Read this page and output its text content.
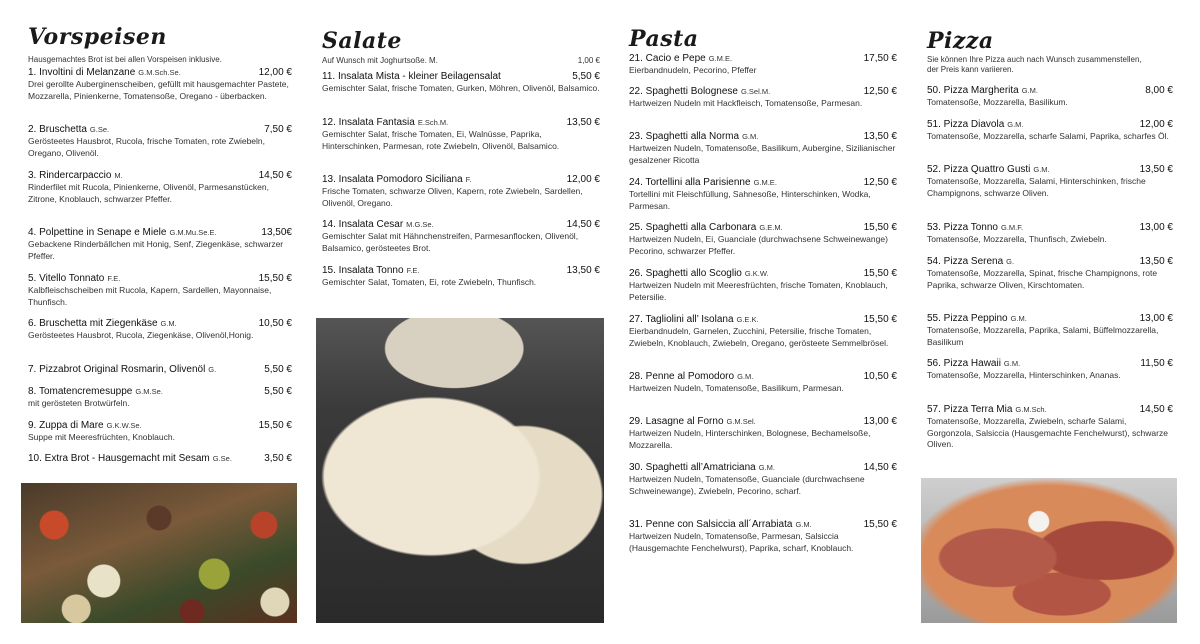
Vorspeisen
Hausgemachtes Brot ist bei allen Vorspeisen inklusive.
1. Involtini di Melanzane G.M.Sch.Se.	12,00 €
Drei gerollte Auberginenscheiben, gefüllt mit hausgemachter Pastete, Mozzarella, Pinienkerne, Tomatensoße, Oregano - überbacken.
2. Bruschetta G.Se.	7,50 €
Gerösteetes Hausbrot, Rucola, frische Tomaten, rote Zwiebeln, Oregano, Olivenöl.
3. Rindercarpaccio M.	14,50 €
Rinderfilet mit Rucola, Pinienkerne, Olivenöl, Parmesanstücken, Zitrone, Knoblauch, schwarzer Pfeffer.
4. Polpettine in Senape e Miele G.M.Mu.Se.E.	13,50€
Gebackene Rinderbällchen mit Honig, Senf, Ziegenkäse, schwarzer Pfeffer.
5. Vitello Tonnato F.E.	15,50 €
Kalbfleischscheiben mit Rucola, Kapern, Sardellen, Mayonnaise, Thunfisch.
6. Bruschetta mit Ziegenkäse G.M.	10,50 €
Gerösteetes Hausbrot, Rucola, Ziegenkäse, Olivenöl,Honig.
7. Pizzabrot Original Rosmarin, Olivenöl G.	5,50 €
8. Tomatencremesuppe G.M.Se.	5,50 €
mit gerösteten Brotwürfeln.
9. Zuppa di Mare G.K.W.Se.	15,50 €
Suppe mit Meeresfrüchten, Knoblauch.
10. Extra Brot - Hausgemacht mit Sesam G.Se.	3,50 €
Salate
Auf Wunsch mit Joghurtsoße. M.	1,00 €
11. Insalata Mista - kleiner Beilagensalat	5,50 €
Gemischter Salat, frische Tomaten, Gurken, Möhren, Olivenöl, Balsamico.
12. Insalata Fantasia E.Sch.M.	13,50 €
Gemischter Salat, frische Tomaten, Ei, Walnüsse, Paprika, Hinterschinken, Parmesan, rote Zwiebeln, Olivenöl, Balsamico.
13. Insalata Pomodoro Siciliana F.	12,00 €
Frische Tomaten, schwarze Oliven, Kapern, rote Zwiebeln, Sardellen, Olivenöl, Oregano.
14. Insalata Cesar M.G.Se.	14,50 €
Gemischter Salat mit Hähnchenstreifen, Parmesanflocken, Olivenöl, Balsamico, gerösteetes Brot.
15. Insalata Tonno F.E.	13,50 €
Gemischter Salat, Tomaten, Ei, rote Zwiebeln, Thunfisch.
Pasta
21. Cacio e Pepe G.M.E.	17,50 €
Eierbandnudeln, Pecorino, Pfeffer
22. Spaghetti Bolognese G.Sel.M.	12,50 €
Hartweizen Nudeln mit Hackfleisch, Tomatensoße, Parmesan.
23. Spaghetti alla Norma G.M.	13,50 €
Hartweizen Nudeln, Tomatensoße, Basilikum, Aubergine, Sizilianischer gesalzener Ricotta
24. Tortellini alla Parisienne G.M.E.	12,50 €
Tortellini mit Fleischfüllung, Sahnesoße, Hinterschinken, Wodka, Parmesan.
25. Spaghetti alla Carbonara G.E.M.	15,50 €
Hartweizen Nudeln, Ei, Guanciale (durchwachsene Schweinewange) Pecorino, schwarzer Pfeffer.
26. Spaghetti allo Scoglio G.K.W.	15,50 €
Hartweizen Nudeln mit Meeresfrüchten, frische Tomaten, Knoblauch, Petersilie.
27. Tagliolini all’ Isolana G.E.K.	15,50 €
Eierbandnudeln, Garnelen, Zucchini, Petersilie, frische Tomaten, Zwiebeln, Knoblauch, Zwiebeln, Oregano, gerösteete Semmelbrösel.
28. Penne al Pomodoro G.M.	10,50 €
Hartweizen Nudeln, Tomatensoße, Basilikum, Parmesan.
29. Lasagne al Forno G.M.Sel.	13,00 €
Hartweizen Nudeln, Hinterschinken, Bolognese, Bechamelsoße, Mozzarella.
30. Spaghetti all’Amatriciana G.M.	14,50 €
Hartweizen Nudeln, Tomatensoße, Guanciale (durchwachsene Schweinewange), Zwiebeln, Pecorino, scharf.
31. Penne con Salsiccia all´Arrabiata G.M.	15,50 €
Hartweizen Nudeln, Tomatensoße, Parmesan, Salsiccia (Hausgemachte Fenchelwurst), Paprika, scharf, Knoblauch.
Pizza
Sie können Ihre Pizza auch nach Wunsch zusammenstellen, der Preis kann variieren.
50. Pizza Margherita G.M.	8,00 €
Tomatensoße, Mozzarella, Basilikum.
51. Pizza Diavola G.M.	12,00 €
Tomatensoße, Mozzarella, scharfe Salami, Paprika, scharfes Öl.
52. Pizza Quattro Gusti G.M.	13,50 €
Tomatensoße, Mozzarella, Salami, Hinterschinken, frische Champignons, schwarze Oliven.
53. Pizza Tonno G.M.F.	13,00 €
Tomatensoße, Mozzarella, Thunfisch, Zwiebeln.
54. Pizza Serena G.	13,50 €
Tomatensoße, Mozzarella, Spinat, frische Champignons, rote Paprika, schwarze Oliven, Kirschtomaten.
55. Pizza Peppino G.M.	13,00 €
Tomatensoße, Mozzarella, Paprika, Salami, Büffelmozzarella, Basilikum
56. Pizza Hawaii G.M.	11,50 €
Tomatensoße, Mozzarella, Hinterschinken, Ananas.
57. Pizza Terra Mia G.M.Sch.	14,50 €
Tomatensoße, Mozzarella, Zwiebeln, scharfe Salami, Gorgonzola, Salsiccia (Hausgemachte Fenchelwurst), schwarze Oliven.
